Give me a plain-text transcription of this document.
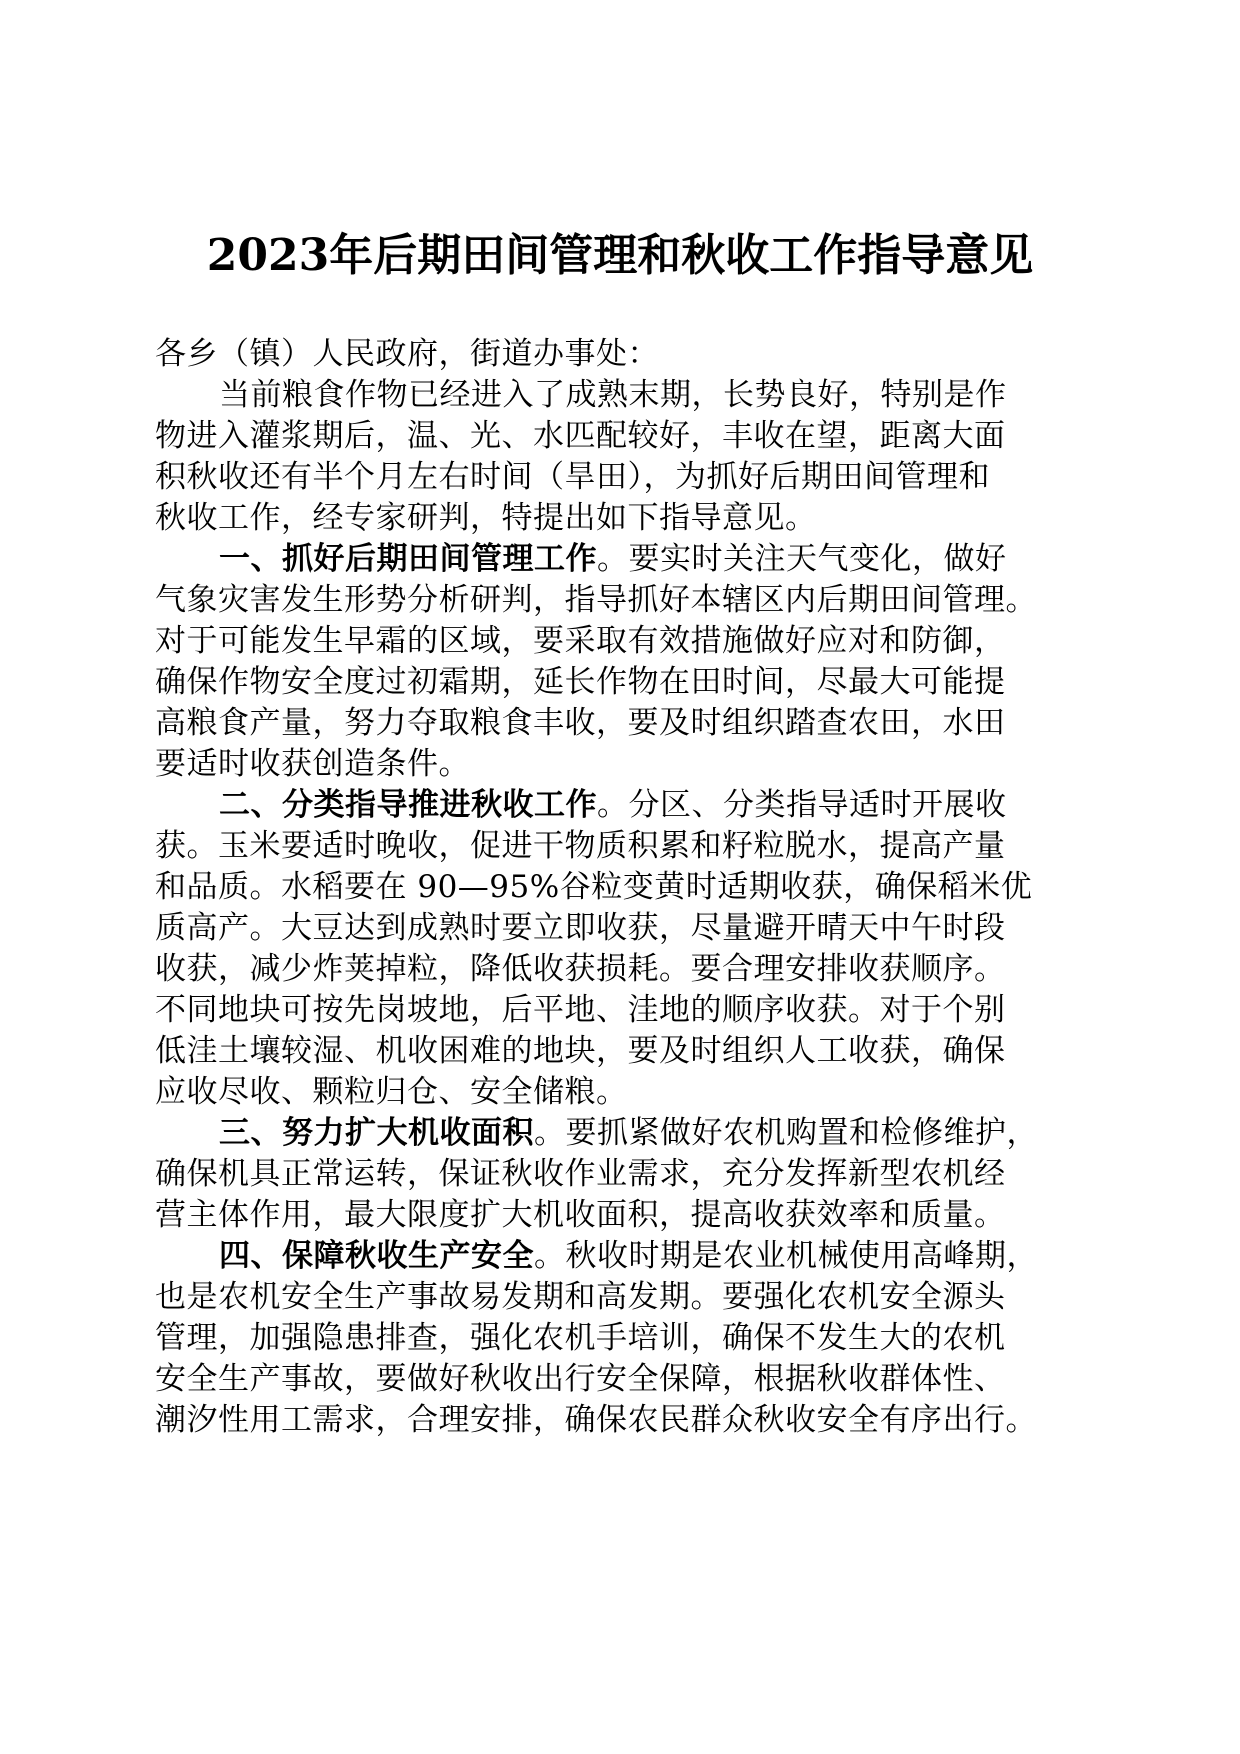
2023年后期田间管理和秋收工作指导意见
各乡（镇）人民政府，街道办事处：
当前粮食作物已经进入了成熟末期，长势良好，特别是作
物进入灌浆期后，温、光、水匹配较好，丰收在望，距离大面
积秋收还有半个月左右时间（旱田），为抓好后期田间管理和
秋收工作，经专家研判，特提出如下指导意见。
一、抓好后期田间管理工作。要实时关注天气变化，做好
气象灾害发生形势分析研判，指导抓好本辖区内后期田间管理。
对于可能发生早霜的区域，要采取有效措施做好应对和防御，
确保作物安全度过初霜期，延长作物在田时间，尽最大可能提
高粮食产量，努力夺取粮食丰收，要及时组织踏查农田，水田
要适时收获创造条件。
二、分类指导推进秋收工作。分区、分类指导适时开展收
获。玉米要适时晚收，促进干物质积累和籽粒脱水，提高产量
和品质。水稻要在 90—95%谷粒变黄时适期收获，确保稻米优
质高产。大豆达到成熟时要立即收获，尽量避开晴天中午时段
收获，减少炸荚掉粒，降低收获损耗。要合理安排收获顺序。
不同地块可按先岗坡地，后平地、洼地的顺序收获。对于个别
低洼土壤较湿、机收困难的地块，要及时组织人工收获，确保
应收尽收、颗粒归仓、安全储粮。
三、努力扩大机收面积。要抓紧做好农机购置和检修维护，
确保机具正常运转，保证秋收作业需求，充分发挥新型农机经
营主体作用，最大限度扩大机收面积，提高收获效率和质量。
四、保障秋收生产安全。秋收时期是农业机械使用高峰期，
也是农机安全生产事故易发期和高发期。要强化农机安全源头
管理，加强隐患排查，强化农机手培训，确保不发生大的农机
安全生产事故，要做好秋收出行安全保障，根据秋收群体性、
潮汐性用工需求，合理安排，确保农民群众秋收安全有序出行。
